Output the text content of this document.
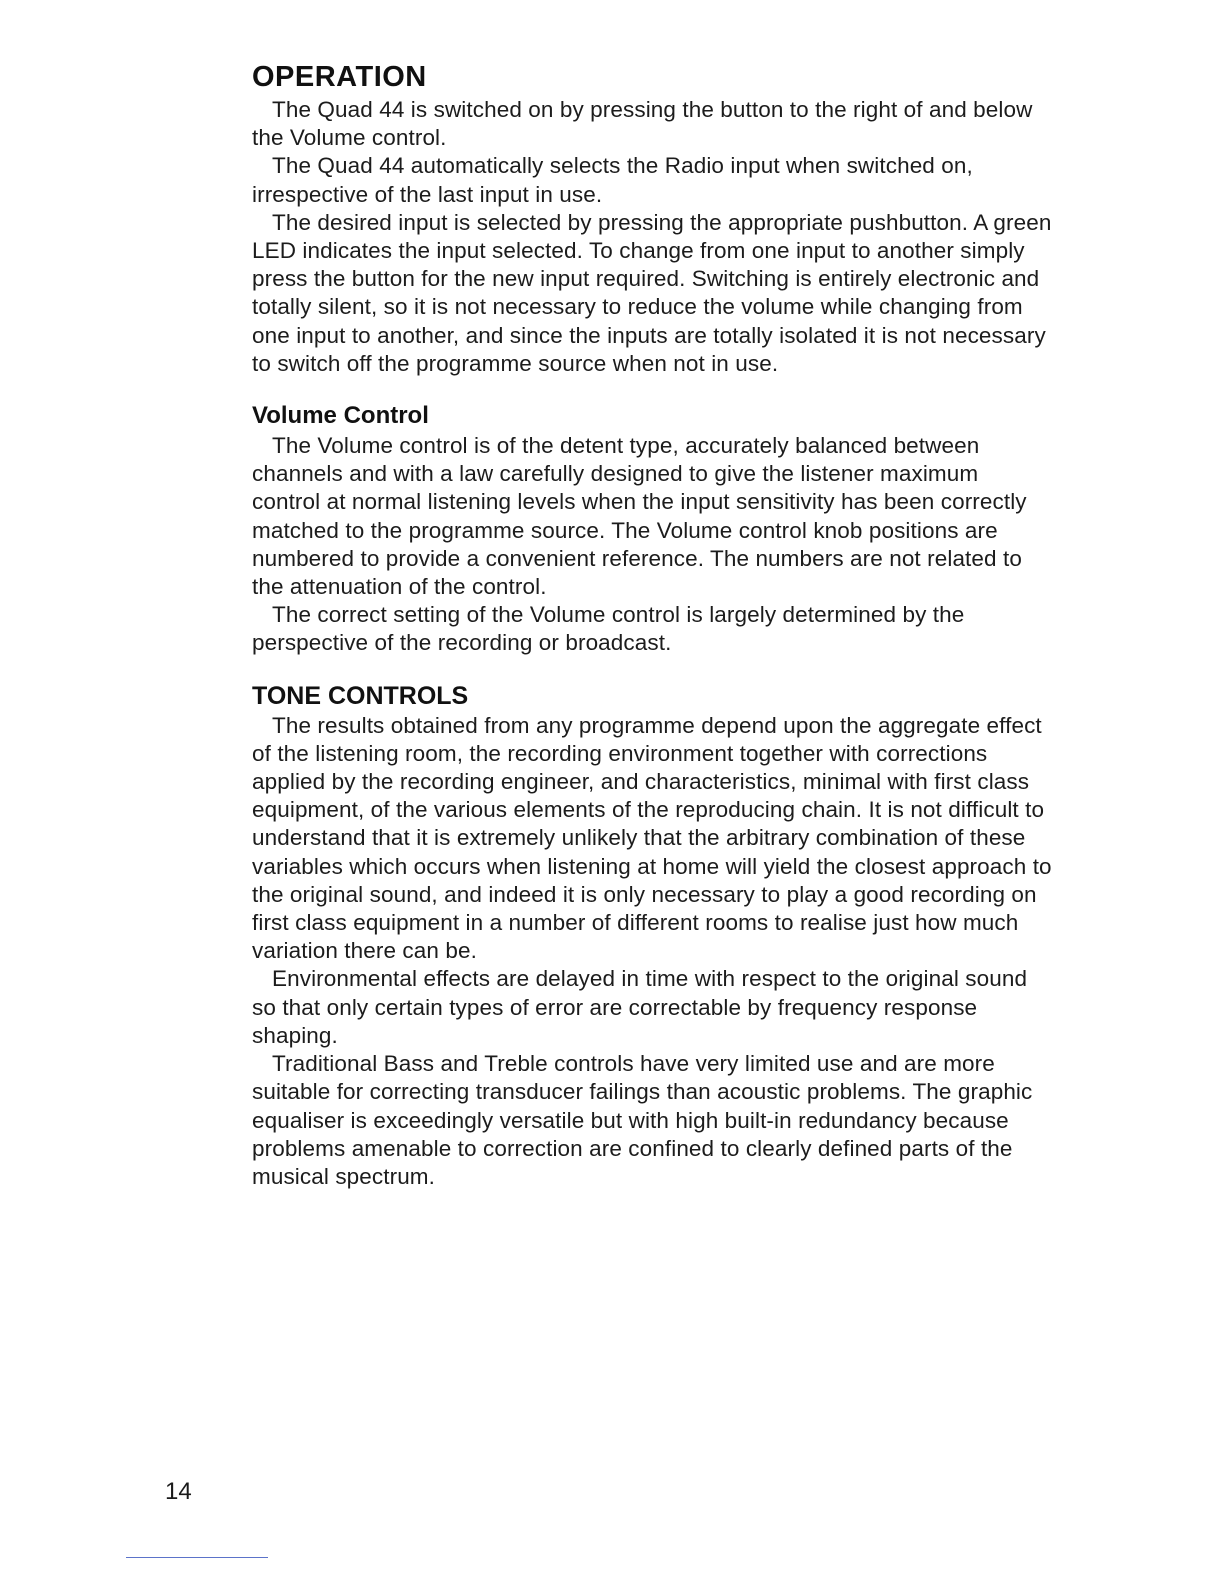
OPERATION

The Quad 44 is switched on by pressing the button to the right of and below the Volume control.

The Quad 44 automatically selects the Radio input when switched on, irrespective of the last input in use.

The desired input is selected by pressing the appropriate pushbutton. A green LED indicates the input selected. To change from one input to another simply press the button for the new input required. Switching is entirely electronic and totally silent, so it is not necessary to reduce the volume while changing from one input to another, and since the inputs are totally isolated it is not necessary to switch off the programme source when not in use.

Volume Control

The Volume control is of the detent type, accurately balanced between channels and with a law carefully designed to give the listener maximum control at normal listening levels when the input sensitivity has been correctly matched to the programme source. The Volume control knob positions are numbered to provide a convenient reference. The numbers are not related to the attenuation of the control.

The correct setting of the Volume control is largely determined by the perspective of the recording or broadcast.

TONE CONTROLS

The results obtained from any programme depend upon the aggregate effect of the listening room, the recording environment together with corrections applied by the recording engineer, and characteristics, minimal with first class equipment, of the various elements of the reproducing chain. It is not difficult to understand that it is extremely unlikely that the arbitrary combination of these variables which occurs when listening at home will yield the closest approach to the original sound, and indeed it is only necessary to play a good recording on first class equipment in a number of different rooms to realise just how much variation there can be.

Environmental effects are delayed in time with respect to the original sound so that only certain types of error are correctable by frequency response shaping.

Traditional Bass and Treble controls have very limited use and are more suitable for correcting transducer failings than acoustic problems. The graphic equaliser is exceedingly versatile but with high built-in redundancy because problems amenable to correction are confined to clearly defined parts of the musical spectrum.

14
